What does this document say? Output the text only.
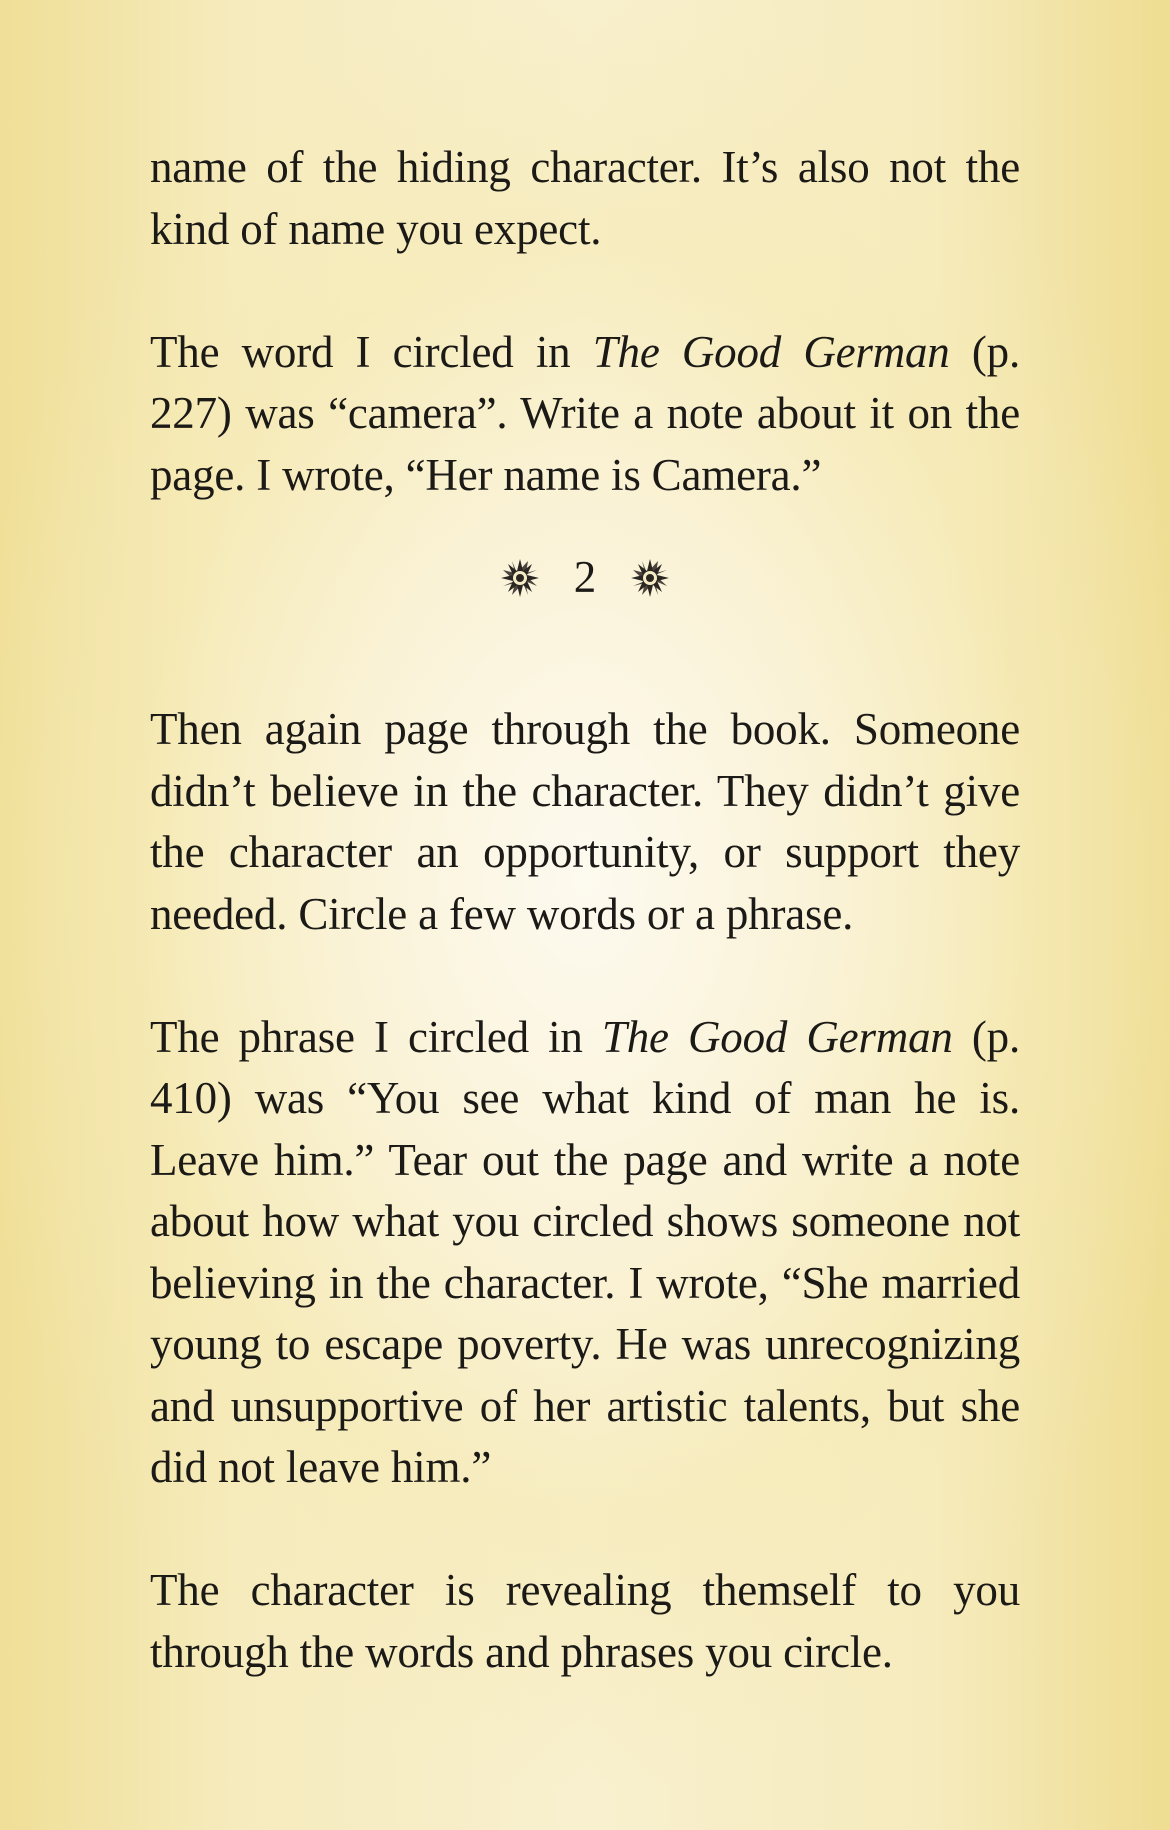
name of the hiding character. It’s also not the kind of name you expect.

The word I circled in The Good German (p. 227) was “camera”. Write a note about it on the page. I wrote, “Her name is Camera.”

2

Then again page through the book. Someone didn’t believe in the character. They didn’t give the character an opportunity, or support they needed. Circle a few words or a phrase.

The phrase I circled in The Good German (p. 410) was “You see what kind of man he is. Leave him.” Tear out the page and write a note about how what you circled shows someone not believing in the character. I wrote, “She married young to escape poverty. He was unrecognizing and unsupportive of her artistic talents, but she did not leave him.”

The character is revealing themself to you through the words and phrases you circle.
